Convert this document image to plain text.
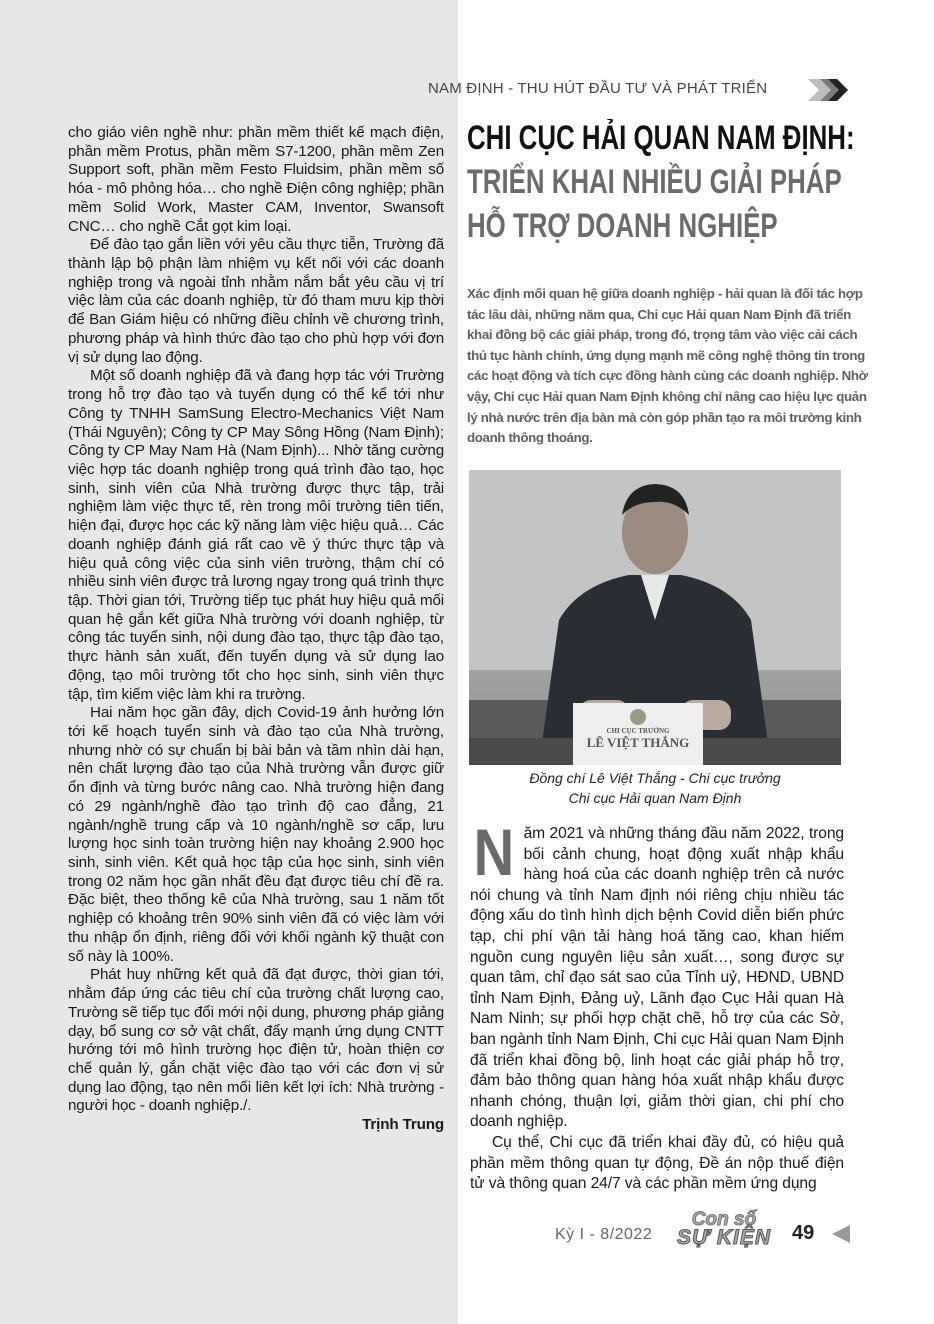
cho giáo viên nghề như: phần mềm thiết kế mạch điện, phần mềm Protus, phần mềm S7-1200, phần mềm Zen Support soft, phần mềm Festo Fluidsim, phần mềm số hóa - mô phỏng hóa… cho nghề Điện công nghiệp; phần mềm Solid Work, Master CAM, Inventor, Swansoft CNC… cho nghề Cắt gọt kim loại.

Để đào tạo gắn liền với yêu cầu thực tiễn, Trường đã thành lập bộ phận làm nhiệm vụ kết nối với các doanh nghiệp trong và ngoài tỉnh nhằm nắm bắt yêu cầu vị trí việc làm của các doanh nghiệp, từ đó tham mưu kịp thời để Ban Giám hiệu có những điều chỉnh về chương trình, phương pháp và hình thức đào tạo cho phù hợp với đơn vị sử dụng lao động.

Một số doanh nghiệp đã và đang hợp tác với Trường trong hỗ trợ đào tạo và tuyển dụng có thể kể tới như Công ty TNHH SamSung Electro-Mechanics Việt Nam (Thái Nguyên); Công ty CP May Sông Hồng (Nam Định); Công ty CP May Nam Hà (Nam Định)... Nhờ tăng cường việc hợp tác doanh nghiệp trong quá trình đào tạo, học sinh, sinh viên của Nhà trường được thực tập, trải nghiệm làm việc thực tế, rèn trong môi trường tiên tiến, hiện đại, được học các kỹ năng làm việc hiệu quả… Các doanh nghiệp đánh giá rất cao về ý thức thực tập và hiệu quả công việc của sinh viên trường, thậm chí có nhiều sinh viên được trả lương ngay trong quá trình thực tập. Thời gian tới, Trường tiếp tục phát huy hiệu quả mối quan hệ gắn kết giữa Nhà trường với doanh nghiệp, từ công tác tuyển sinh, nội dung đào tạo, thực tập đào tạo, thực hành sản xuất, đến tuyển dụng và sử dụng lao động, tạo môi trường tốt cho học sinh, sinh viên thực tập, tìm kiếm việc làm khi ra trường.

Hai năm học gần đây, dịch Covid-19 ảnh hưởng lớn tới kế hoạch tuyển sinh và đào tạo của Nhà trường, nhưng nhờ có sự chuẩn bị bài bản và tầm nhìn dài hạn, nên chất lượng đào tạo của Nhà trường vẫn được giữ ổn định và từng bước nâng cao. Nhà trường hiện đang có 29 ngành/nghề đào tạo trình độ cao đẳng, 21 ngành/nghề trung cấp và 10 ngành/nghề sơ cấp, lưu lượng học sinh toàn trường hiện nay khoảng 2.900 học sinh, sinh viên. Kết quả học tập của học sinh, sinh viên trong 02 năm học gần nhất đều đạt được tiêu chí đề ra. Đặc biệt, theo thống kê của Nhà trường, sau 1 năm tốt nghiệp có khoảng trên 90% sinh viên đã có việc làm với thu nhập ổn định, riêng đối với khối ngành kỹ thuật con số này là 100%.

Phát huy những kết quả đã đạt được, thời gian tới, nhằm đáp ứng các tiêu chí của trường chất lượng cao, Trường sẽ tiếp tục đổi mới nội dung, phương pháp giảng dạy, bổ sung cơ sở vật chất, đẩy mạnh ứng dụng CNTT hướng tới mô hình trường học điện tử, hoàn thiện cơ chế quản lý, gắn chặt việc đào tạo với các đơn vị sử dụng lao động, tạo nên mối liên kết lợi ích: Nhà trường - người học - doanh nghiệp./.

Trịnh Trung

NAM ĐỊNH - THU HÚT ĐẦU TƯ VÀ PHÁT TRIỂN
CHI CỤC HẢI QUAN NAM ĐỊNH:
TRIỂN KHAI NHIỀU GIẢI PHÁP
HỖ TRỢ DOANH NGHIỆP
Xác định mối quan hệ giữa doanh nghiệp - hải quan là đối tác hợp tác lâu dài, những năm qua, Chi cục Hải quan Nam Định đã triển khai đồng bộ các giải pháp, trong đó, trọng tâm vào việc cải cách thủ tục hành chính, ứng dụng mạnh mẽ công nghệ thông tin trong các hoạt động và tích cực đồng hành cùng các doanh nghiệp. Nhờ vậy, Chi cục Hải quan Nam Định không chỉ nâng cao hiệu lực quản lý nhà nước trên địa bàn mà còn góp phần tạo ra môi trường kinh doanh thông thoáng.
CHI CỤC TRƯỞNG
LÊ VIỆT THẮNG
Đồng chí Lê Việt Thắng - Chi cục trưởng
Chi cục Hải quan Nam Định

Năm 2021 và những tháng đầu năm 2022, trong bối cảnh chung, hoạt động xuất nhập khẩu hàng hoá của các doanh nghiệp trên cả nước nói chung và tỉnh Nam định nói riêng chịu nhiều tác động xấu do tình hình dịch bệnh Covid diễn biến phức tạp, chi phí vận tải hàng hoá tăng cao, khan hiếm nguồn cung nguyên liệu sản xuất…, song được sự quan tâm, chỉ đạo sát sao của Tỉnh uỷ, HĐND, UBND tỉnh Nam Định, Đảng uỷ, Lãnh đạo Cục Hải quan Hà Nam Ninh; sự phối hợp chặt chẽ, hỗ trợ của các Sở, ban ngành tỉnh Nam Định, Chi cục Hải quan Nam Định đã triển khai đồng bộ, linh hoạt các giải pháp hỗ trợ, đảm bảo thông quan hàng hóa xuất nhập khẩu được nhanh chóng, thuận lợi, giảm thời gian, chi phí cho doanh nghiệp.

Cụ thể, Chi cục đã triển khai đầy đủ, có hiệu quả phần mềm thông quan tự động, Đề án nộp thuế điện tử và thông quan 24/7 và các phần mềm ứng dụng

Kỳ I - 8/2022
Con số
SỰ KIỆN	49
